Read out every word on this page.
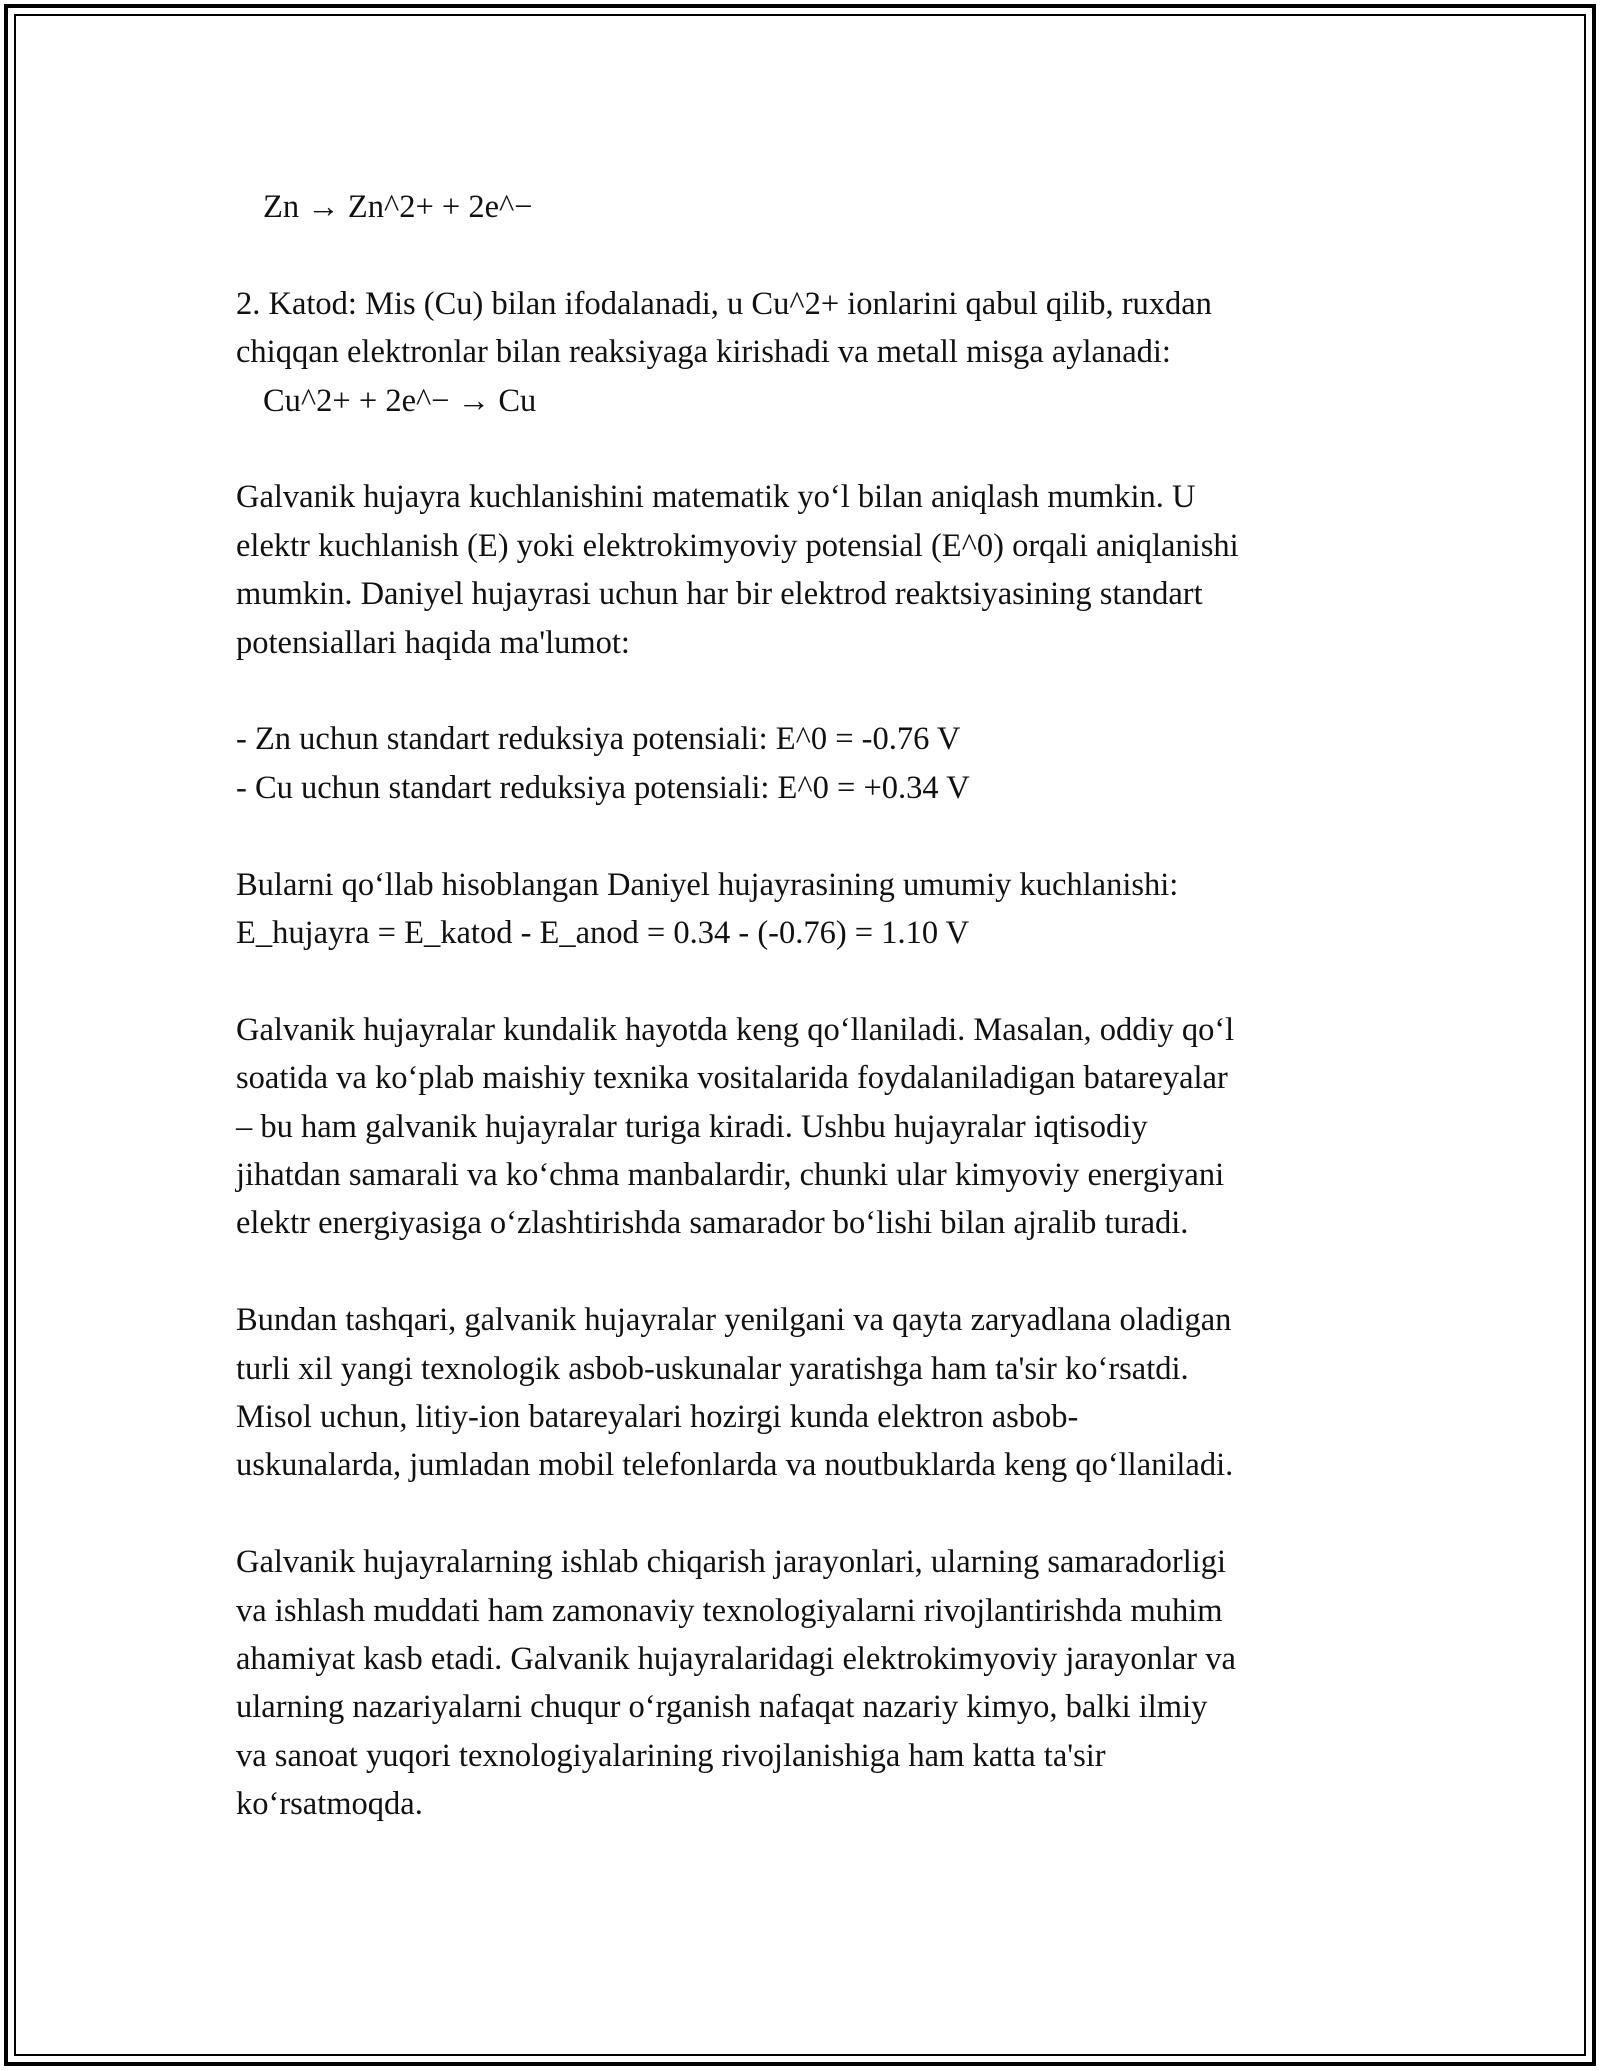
Zn → Zn^2+ + 2e^−
2. Katod: Mis (Cu) bilan ifodalanadi, u Cu^2+ ionlarini qabul qilib, ruxdan
chiqqan elektronlar bilan reaksiyaga kirishadi va metall misga aylanadi:
Cu^2+ + 2e^− → Cu
Galvanik hujayra kuchlanishini matematik yo‘l bilan aniqlash mumkin. U
elektr kuchlanish (E) yoki elektrokimyoviy potensial (E^0) orqali aniqlanishi
mumkin. Daniyel hujayrasi uchun har bir elektrod reaktsiyasining standart
potensiallari haqida ma'lumot:
- Zn uchun standart reduksiya potensiali: E^0 = -0.76 V
- Cu uchun standart reduksiya potensiali: E^0 = +0.34 V
Bularni qo‘llab hisoblangan Daniyel hujayrasining umumiy kuchlanishi:
E_hujayra = E_katod - E_anod = 0.34 - (-0.76) = 1.10 V
Galvanik hujayralar kundalik hayotda keng qo‘llaniladi. Masalan, oddiy qo‘l
soatida va ko‘plab maishiy texnika vositalarida foydalaniladigan batareyalar
– bu ham galvanik hujayralar turiga kiradi. Ushbu hujayralar iqtisodiy
jihatdan samarali va ko‘chma manbalardir, chunki ular kimyoviy energiyani
elektr energiyasiga o‘zlashtirishda samarador bo‘lishi bilan ajralib turadi.
Bundan tashqari, galvanik hujayralar yenilgani va qayta zaryadlana oladigan
turli xil yangi texnologik asbob-uskunalar yaratishga ham ta'sir ko‘rsatdi.
Misol uchun, litiy-ion batareyalari hozirgi kunda elektron asbob-
uskunalarda, jumladan mobil telefonlarda va noutbuklarda keng qo‘llaniladi.
Galvanik hujayralarning ishlab chiqarish jarayonlari, ularning samaradorligi
va ishlash muddati ham zamonaviy texnologiyalarni rivojlantirishda muhim
ahamiyat kasb etadi. Galvanik hujayralaridagi elektrokimyoviy jarayonlar va
ularning nazariyalarni chuqur o‘rganish nafaqat nazariy kimyo, balki ilmiy
va sanoat yuqori texnologiyalarining rivojlanishiga ham katta ta'sir
ko‘rsatmoqda.
